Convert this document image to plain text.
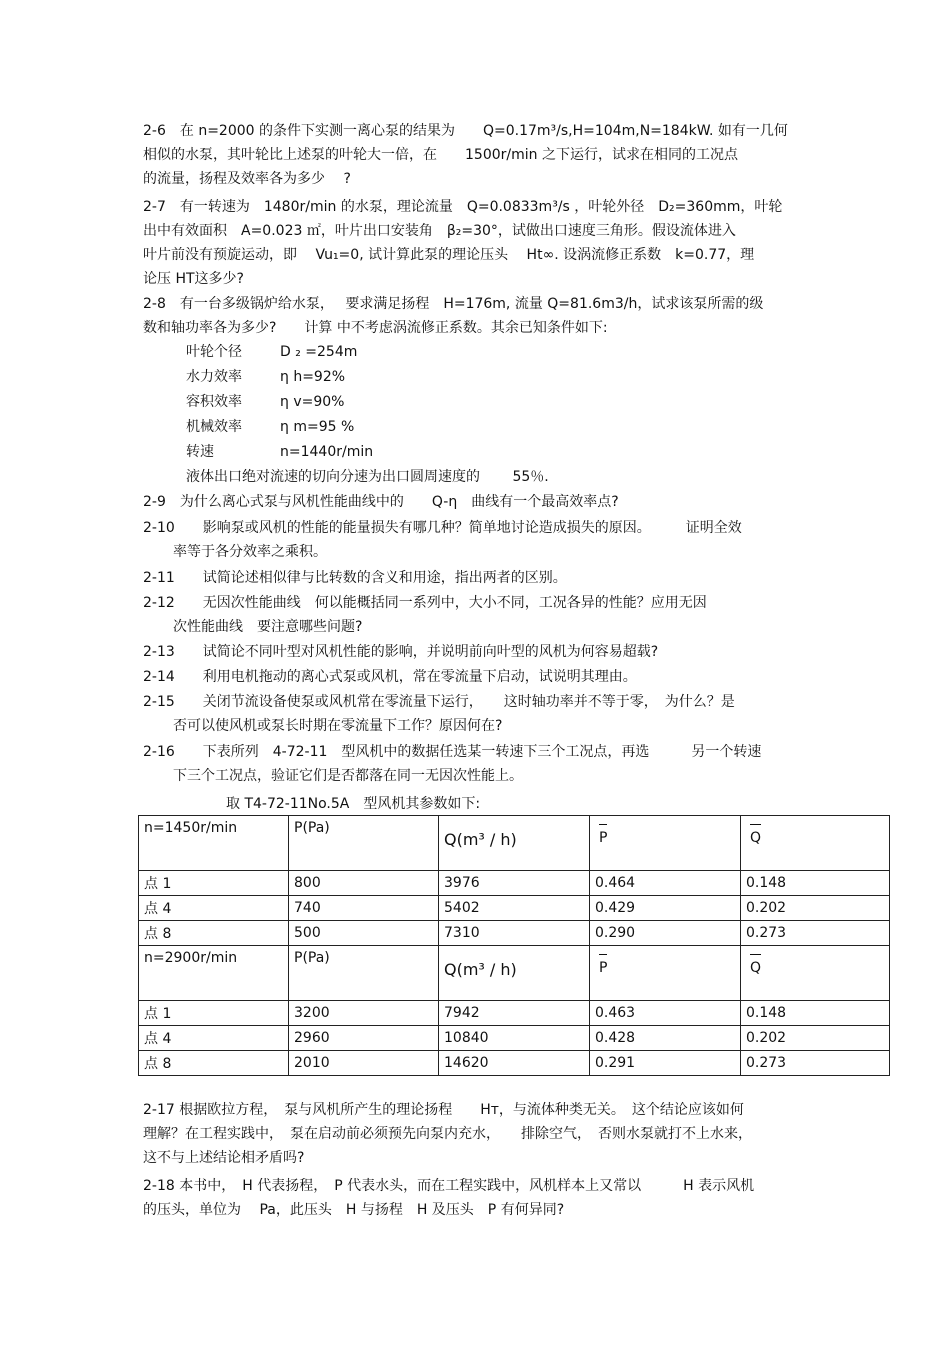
2-6　在 n=2000 的条件下实测一离心泵的结果为　　Q=0.17m³/s,H=104m,N=184kW. 如有一几何
相似的水泵，其叶轮比上述泵的叶轮大一倍，在　　1500r/min 之下运行，试求在相同的工况点
的流量，扬程及效率各为多少　 ?
2-7　有一转速为　1480r/min 的水泵，理论流量　Q=0.0833m³/s ，叶轮外径　D₂=360mm，叶轮
出中有效面积　A=0.023 ㎡，叶片出口安装角　β₂=30°，试做出口速度三角形。假设流体进入
叶片前没有预旋运动，即　 Vu₁=0, 试计算此泵的理论压头　 Ht∞. 设涡流修正系数　k=0.77，理
论压 HT这多少?
2-8　有一台多级锅炉给水泵，　 要求满足扬程　H=176m, 流量 Q=81.6m3/h，试求该泵所需的级
数和轴功率各为多少?　　计算 中不考虑涡流修正系数。其余已知条件如下:
叶轮个径	D ₂ =254m
水力效率	η h=92%
容积效率	η v=90%
机械效率	η m=95 %
转速	n=1440r/min
液体出口绝对流速的切向分速为出口圆周速度的　　 55％.
2-9　为什么离心式泵与风机性能曲线中的　　Q-η　曲线有一个最高效率点?
2-10　　影响泵或风机的性能的能量损失有哪几种？简单地讨论造成损失的原因。　　　证明全效
率等于各分效率之乘积。
2-11　　试简论述相似律与比转数的含义和用途，指出两者的区别。
2-12　　无因次性能曲线　何以能概括同一系列中，大小不同，工况各异的性能？应用无因
次性能曲线　要注意哪些问题?
2-13　　试简论不同叶型对风机性能的影响，并说明前向叶型的风机为何容易超载?
2-14　　利用电机拖动的离心式泵或风机，常在零流量下启动，试说明其理由。
2-15　　关闭节流设备使泵或风机常在零流量下运行，　　这时轴功率并不等于零，　为什么？是
否可以使风机或泵长时期在零流量下工作？原因何在?
2-16　　下表所列　4-72-11　型风机中的数据任选某一转速下三个工况点，再选　　　另一个转速
下三个工况点，验证它们是否都落在同一无因次性能上。
取 T4-72-11No.5A　型风机其参数如下:
n=1450r/min	P(Pa)	Q(m³ / h)	P	Q
点 1	800	3976	0.464	0.148
点 4	740	5402	0.429	0.202
点 8	500	7310	0.290	0.273
n=2900r/min	P(Pa)	Q(m³ / h)	P	Q
点 1	3200	7942	0.463	0.148
点 4	2960	10840	0.428	0.202
点 8	2010	14620	0.291	0.273
2-17 根据欧拉方程，　泵与风机所产生的理论扬程　　Hт，与流体种类无关。　这个结论应该如何
理解？在工程实践中，　泵在启动前必须预先向泵内充水，　　排除空气，　否则水泵就打不上水来，
这不与上述结论相矛盾吗?
2-18 本书中，　H 代表扬程，　P 代表水头，而在工程实践中，风机样本上又常以　　　H 表示风机
的压头，单位为　 Pa，此压头　H 与扬程　H 及压头　P 有何异同?
